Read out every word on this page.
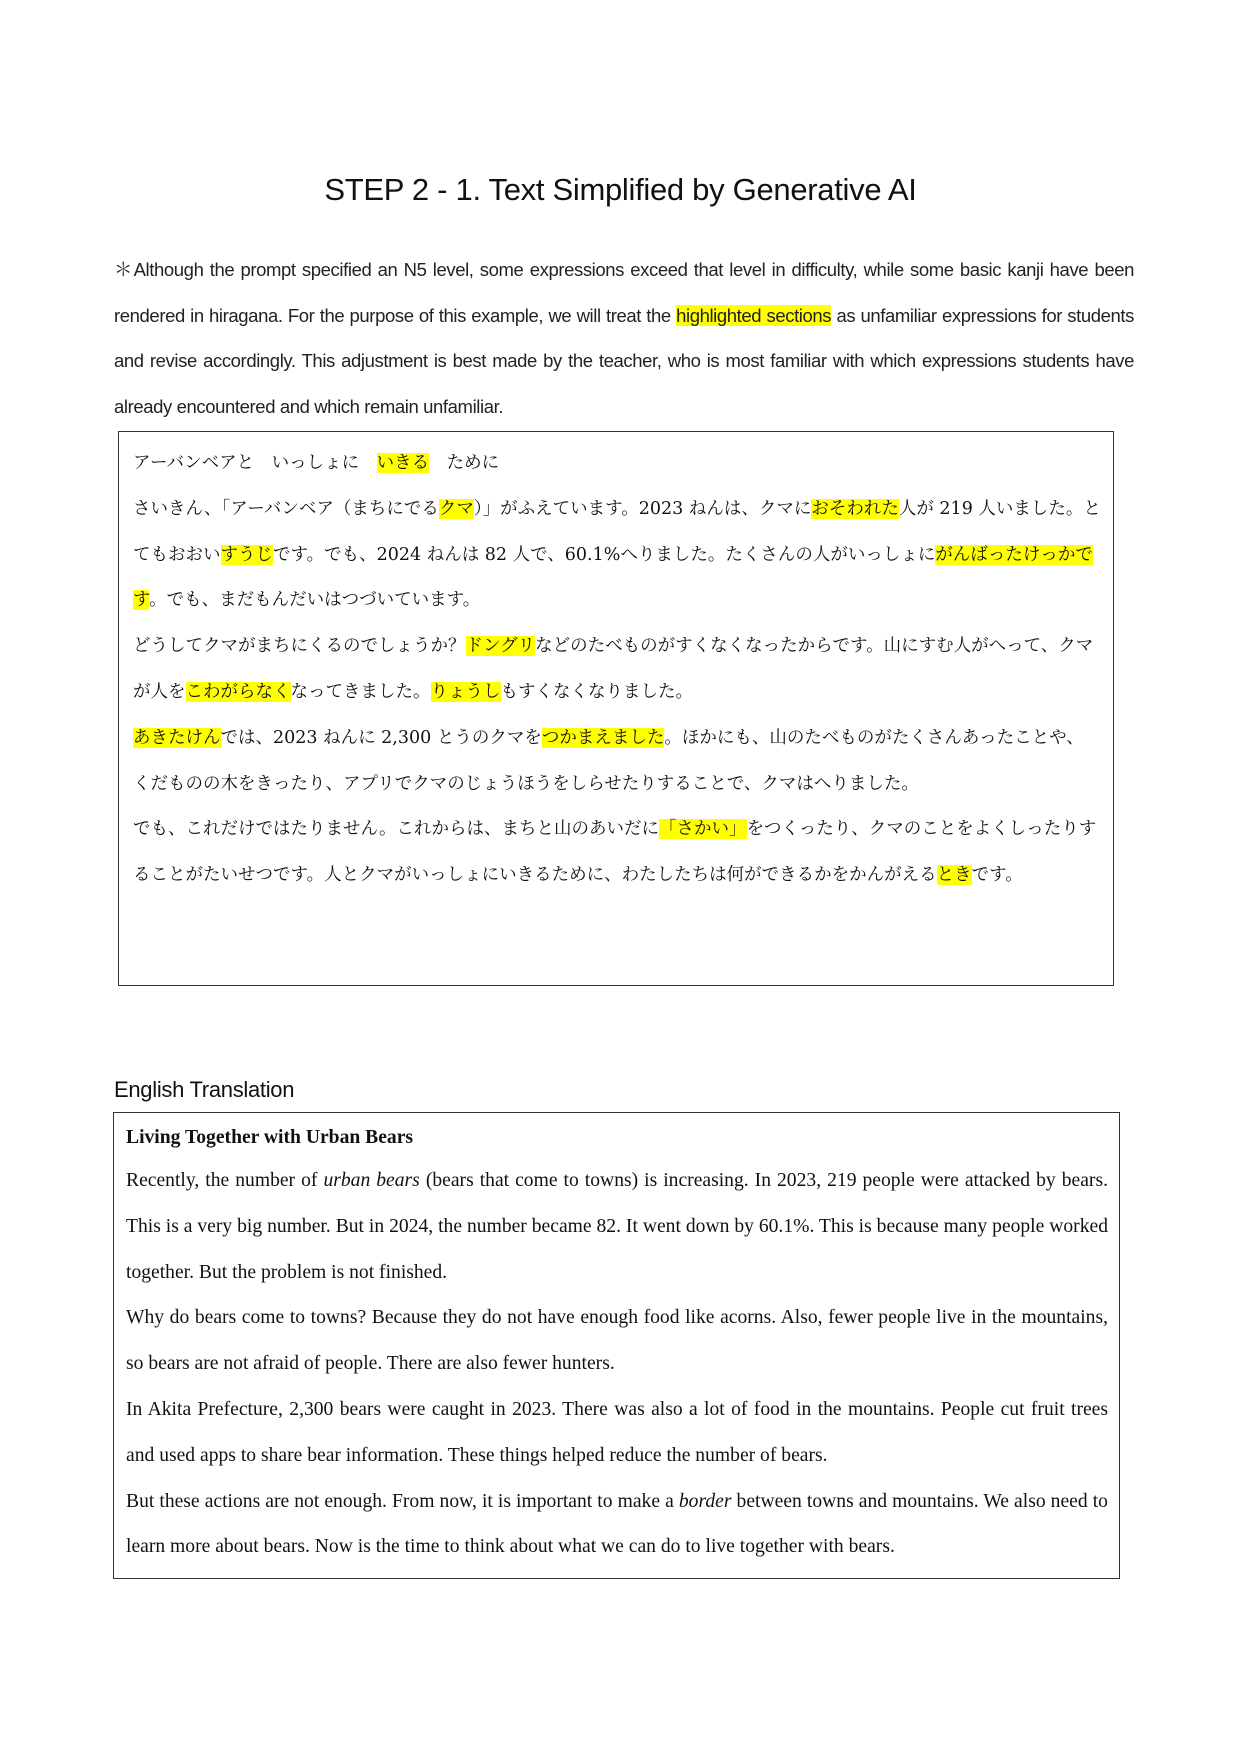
STEP 2 - 1. Text Simplified by Generative AI

＊Although the prompt specified an N5 level, some expressions exceed that level in difficulty, while some basic kanji have been rendered in hiragana. For the purpose of this example, we will treat the highlighted sections as unfamiliar expressions for students and revise accordingly. This adjustment is best made by the teacher, who is most familiar with which expressions students have already encountered and which remain unfamiliar.

アーバンベアと　いっしょに　いきる　ために

さいきん、「アーバンベア（まちにでるクマ）」がふえています。2023 ねんは、クマにおそわれた人が 219 人いました。とてもおおいすうじです。でも、2024 ねんは 82 人で、60.1%へりました。たくさんの人がいっしょにがんばったけっかです。でも、まだもんだいはつづいています。

どうしてクマがまちにくるのでしょうか？ドングリなどのたべものがすくなくなったからです。山にすむ人がへって、クマが人をこわがらなくなってきました。りょうしもすくなくなりました。

あきたけんでは、2023 ねんに 2,300 とうのクマをつかまえました。ほかにも、山のたべものがたくさんあったことや、くだものの木をきったり、アプリでクマのじょうほうをしらせたりすることで、クマはへりました。

でも、これだけではたりません。これからは、まちと山のあいだに「さかい」をつくったり、クマのことをよくしったりすることがたいせつです。人とクマがいっしょにいきるために、わたしたちは何ができるかをかんがえるときです。

English Translation

Living Together with Urban Bears

Recently, the number of urban bears (bears that come to towns) is increasing. In 2023, 219 people were attacked by bears. This is a very big number. But in 2024, the number became 82. It went down by 60.1%. This is because many people worked together. But the problem is not finished.

Why do bears come to towns? Because they do not have enough food like acorns. Also, fewer people live in the mountains, so bears are not afraid of people. There are also fewer hunters.

In Akita Prefecture, 2,300 bears were caught in 2023. There was also a lot of food in the mountains. People cut fruit trees and used apps to share bear information. These things helped reduce the number of bears.

But these actions are not enough. From now, it is important to make a border between towns and mountains. We also need to learn more about bears. Now is the time to think about what we can do to live together with bears.
